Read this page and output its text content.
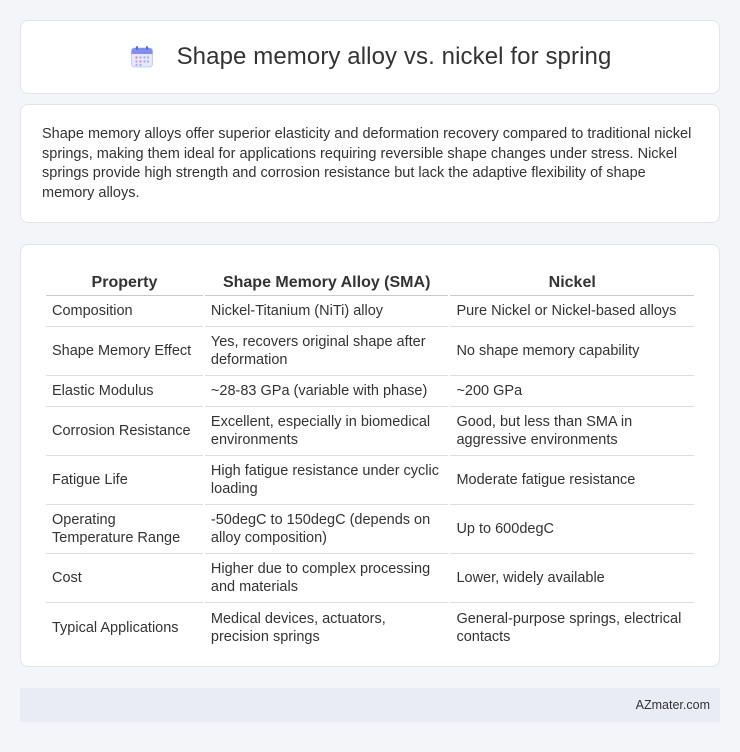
Shape memory alloy vs. nickel for spring

Shape memory alloys offer superior elasticity and deformation recovery compared to traditional nickel springs, making them ideal for applications requiring reversible shape changes under stress. Nickel springs provide high strength and corrosion resistance but lack the adaptive flexibility of shape memory alloys.

Property	Shape Memory Alloy (SMA)	Nickel
Composition	Nickel-Titanium (NiTi) alloy	Pure Nickel or Nickel-based alloys
Shape Memory Effect	Yes, recovers original shape after deformation	No shape memory capability
Elastic Modulus	~28-83 GPa (variable with phase)	~200 GPa
Corrosion Resistance	Excellent, especially in biomedical environments	Good, but less than SMA in aggressive environments
Fatigue Life	High fatigue resistance under cyclic loading	Moderate fatigue resistance
Operating Temperature Range	-50degC to 150degC (depends on alloy composition)	Up to 600degC
Cost	Higher due to complex processing and materials	Lower, widely available
Typical Applications	Medical devices, actuators, precision springs	General-purpose springs, electrical contacts
AZmater.com
